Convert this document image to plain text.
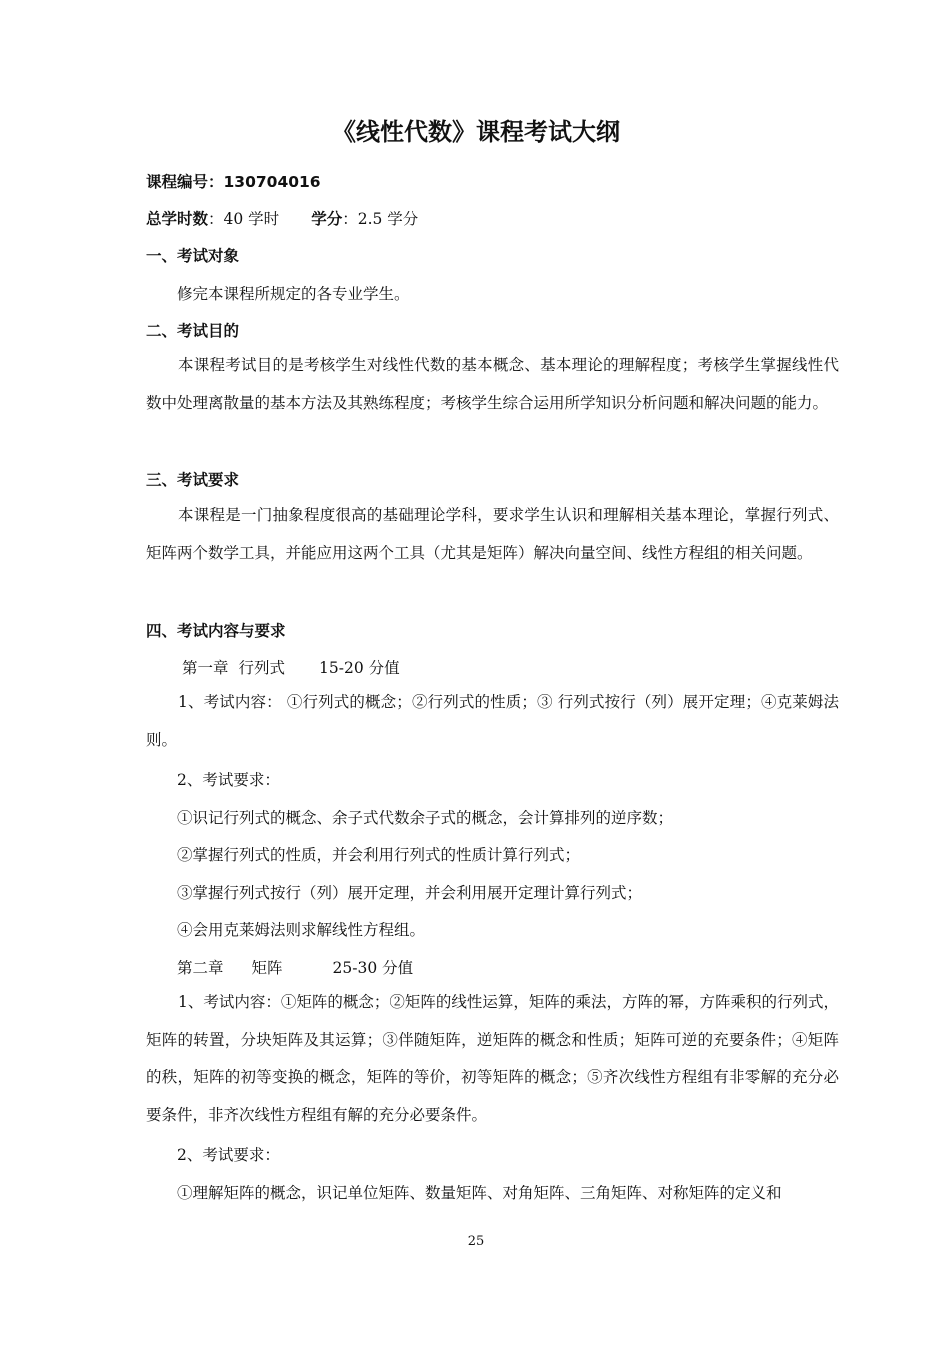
《线性代数》课程考试大纲
课程编号：130704016
总学时数：40 学时 学分：2.5 学分
一、考试对象
修完本课程所规定的各专业学生。
二、考试目的
本课程考试目的是考核学生对线性代数的基本概念、基本理论的理解程度；考核学生掌握线性代数中处理离散量的基本方法及其熟练程度；考核学生综合运用所学知识分析问题和解决问题的能力。
三、考试要求
本课程是一门抽象程度很高的基础理论学科，要求学生认识和理解相关基本理论，掌握行列式、矩阵两个数学工具，并能应用这两个工具（尤其是矩阵）解决向量空间、线性方程组的相关问题。
四、考试内容与要求
第一章 行列式 15-20 分值
1、考试内容： ①行列式的概念；②行列式的性质；③ 行列式按行（列）展开定理；④克莱姆法则。
2、考试要求：
①识记行列式的概念、余子式代数余子式的概念，会计算排列的逆序数；
②掌握行列式的性质，并会利用行列式的性质计算行列式；
③掌握行列式按行（列）展开定理，并会利用展开定理计算行列式；
④会用克莱姆法则求解线性方程组。
第二章 矩阵	25-30 分值
1、考试内容：①矩阵的概念；②矩阵的线性运算，矩阵的乘法，方阵的幂，方阵乘积的行列式，矩阵的转置，分块矩阵及其运算；③伴随矩阵，逆矩阵的概念和性质；矩阵可逆的充要条件；④矩阵的秩，矩阵的初等变换的概念，矩阵的等价，初等矩阵的概念；⑤齐次线性方程组有非零解的充分必要条件，非齐次线性方程组有解的充分必要条件。
2、考试要求：
①理解矩阵的概念，识记单位矩阵、数量矩阵、对角矩阵、三角矩阵、对称矩阵的定义和
25
